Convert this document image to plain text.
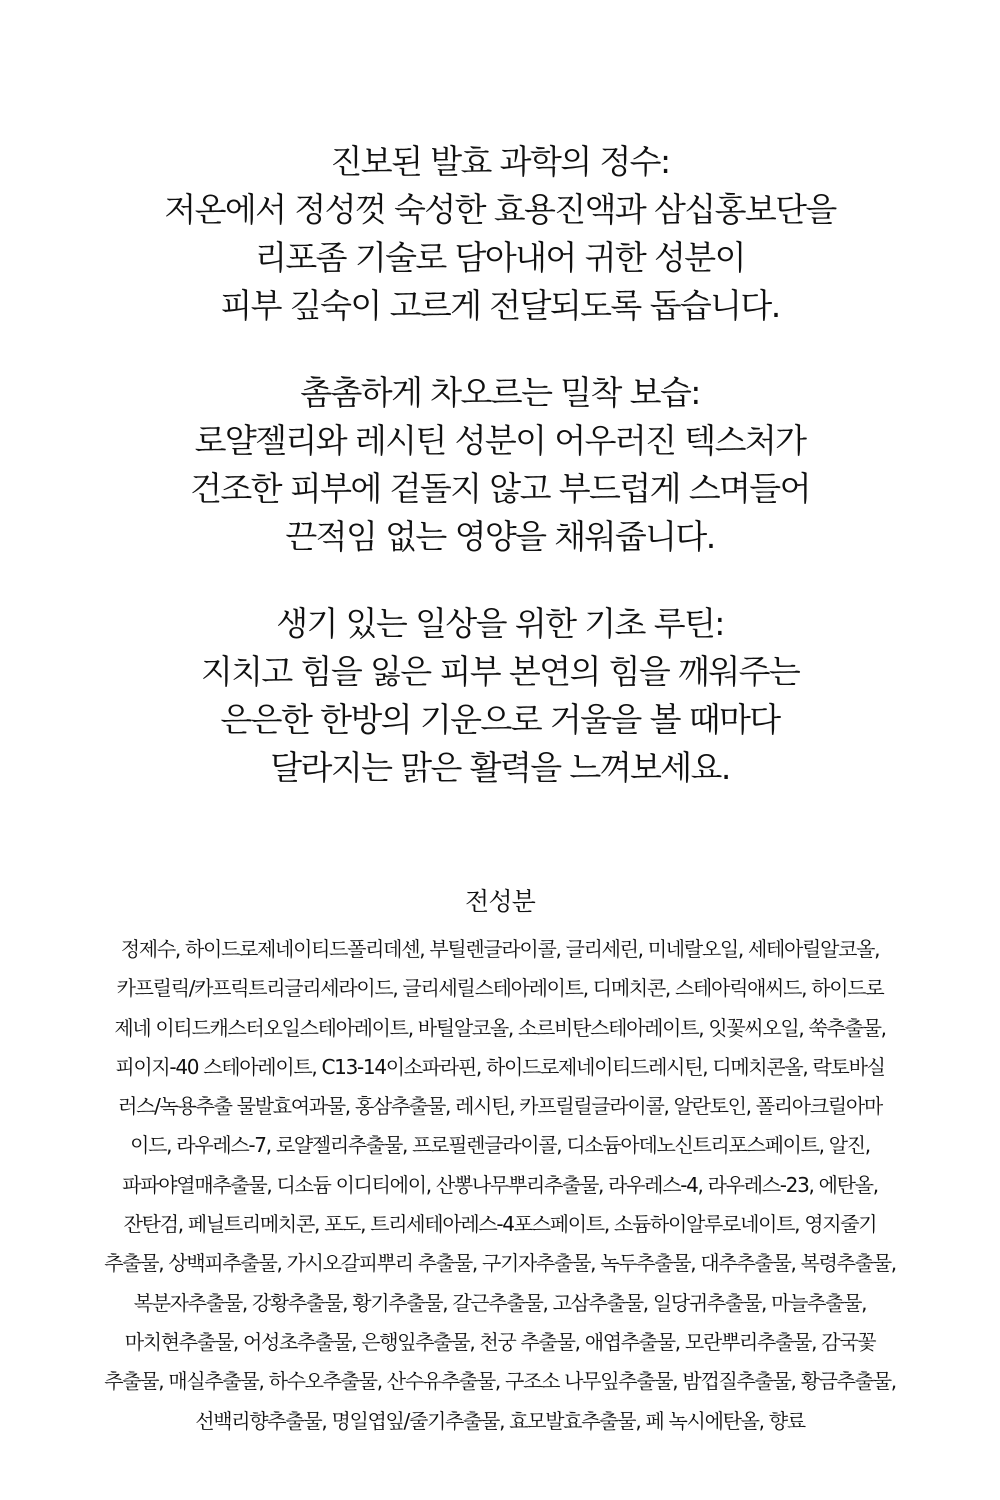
진보된 발효 과학의 정수:
저온에서 정성껏 숙성한 효용진액과 삼십홍보단을
리포좀 기술로 담아내어 귀한 성분이
피부 깊숙이 고르게 전달되도록 돕습니다.
촘촘하게 차오르는 밀착 보습:
로얄젤리와 레시틴 성분이 어우러진 텍스처가
건조한 피부에 겉돌지 않고 부드럽게 스며들어
끈적임 없는 영양을 채워줍니다.
생기 있는 일상을 위한 기초 루틴:
지치고 힘을 잃은 피부 본연의 힘을 깨워주는
은은한 한방의 기운으로 거울을 볼 때마다
달라지는 맑은 활력을 느껴보세요.
전성분
정제수, 하이드로제네이티드폴리데센, 부틸렌글라이콜, 글리세린, 미네랄오일, 세테아릴알코올,
카프릴릭/카프릭트리글리세라이드, 글리세릴스테아레이트, 디메치콘, 스테아릭애씨드, 하이드로
제네 이티드캐스터오일스테아레이트, 바틸알코올, 소르비탄스테아레이트, 잇꽃씨오일, 쑥추출물,
피이지-40 스테아레이트, C13-14이소파라핀, 하이드로제네이티드레시틴, 디메치콘올, 락토바실
러스/녹용추출 물발효여과물, 홍삼추출물, 레시틴, 카프릴릴글라이콜, 알란토인, 폴리아크릴아마
이드, 라우레스-7, 로얄젤리추출물, 프로필렌글라이콜, 디소듐아데노신트리포스페이트, 알진,
파파야열매추출물, 디소듐 이디티에이, 산뽕나무뿌리추출물, 라우레스-4, 라우레스-23, 에탄올,
잔탄검, 페닐트리메치콘, 포도, 트리세테아레스-4포스페이트, 소듐하이알루로네이트, 영지줄기
추출물, 상백피추출물, 가시오갈피뿌리 추출물, 구기자추출물, 녹두추출물, 대추추출물, 복령추출물,
복분자추출물, 강황추출물, 황기추출물, 갈근추출물, 고삼추출물, 일당귀추출물, 마늘추출물,
마치현추출물, 어성초추출물, 은행잎추출물, 천궁 추출물, 애엽추출물, 모란뿌리추출물, 감국꽃
추출물, 매실추출물, 하수오추출물, 산수유추출물, 구조소 나무잎추출물, 밤껍질추출물, 황금추출물,
선백리향추출물, 명일엽잎/줄기추출물, 효모발효추출물, 페 녹시에탄올, 향료
